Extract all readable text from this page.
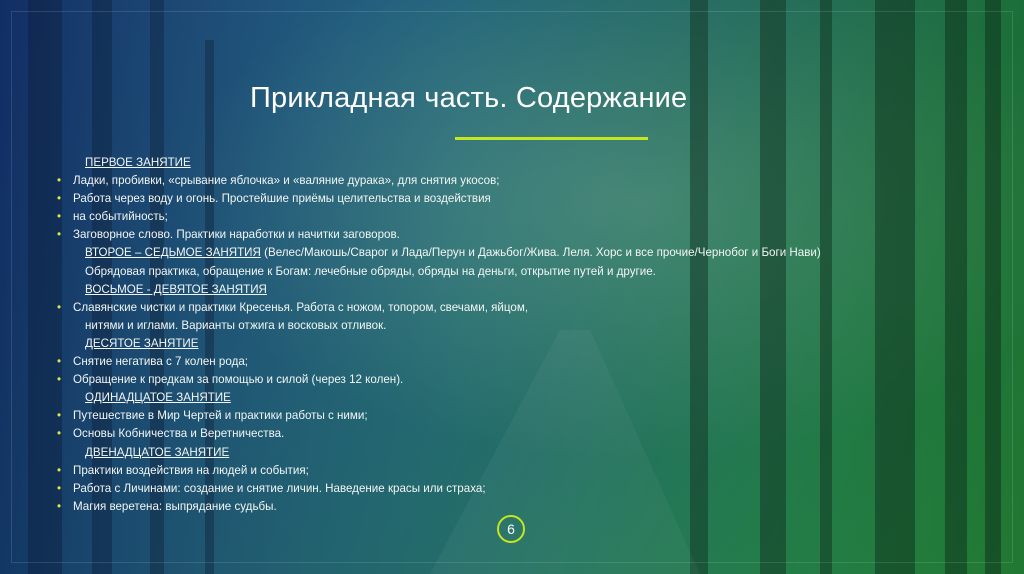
Прикладная часть. Содержание
ПЕРВОЕ ЗАНЯТИЕ
• Ладки, пробивки, «срывание яблочка» и «валяние дурака», для снятия укосов;
• Работа через воду и огонь. Простейшие приёмы целительства и воздействия
• на событийность;
• Заговорное слово. Практики наработки и начитки заговоров.
ВТОРОЕ – СЕДЬМОЕ ЗАНЯТИЯ (Велес/Макошь/Сварог и Лада/Перун и Дажьбог/Жива. Леля. Хорс и все прочие/Чернобог и Боги Нави)
Обрядовая практика, обращение к Богам: лечебные обряды, обряды на деньги, открытие путей и другие.
ВОСЬМОЕ - ДЕВЯТОЕ ЗАНЯТИЯ
• Славянские чистки и практики Кресенья. Работа с ножом, топором, свечами, яйцом,
нитями и иглами. Варианты отжига и восковых отливок.
ДЕСЯТОЕ ЗАНЯТИЕ
• Снятие негатива с 7 колен рода;
• Обращение к предкам за помощью и силой (через 12 колен).
ОДИНАДЦАТОЕ ЗАНЯТИЕ
• Путешествие в Мир Чертей и практики работы с ними;
• Основы Кобничества и Веретничества.
ДВЕНАДЦАТОЕ ЗАНЯТИЕ
• Практики воздействия на людей и события;
• Работа с Личинами: создание и снятие личин. Наведение красы или страха;
• Магия веретена: выпрядание судьбы.
6
